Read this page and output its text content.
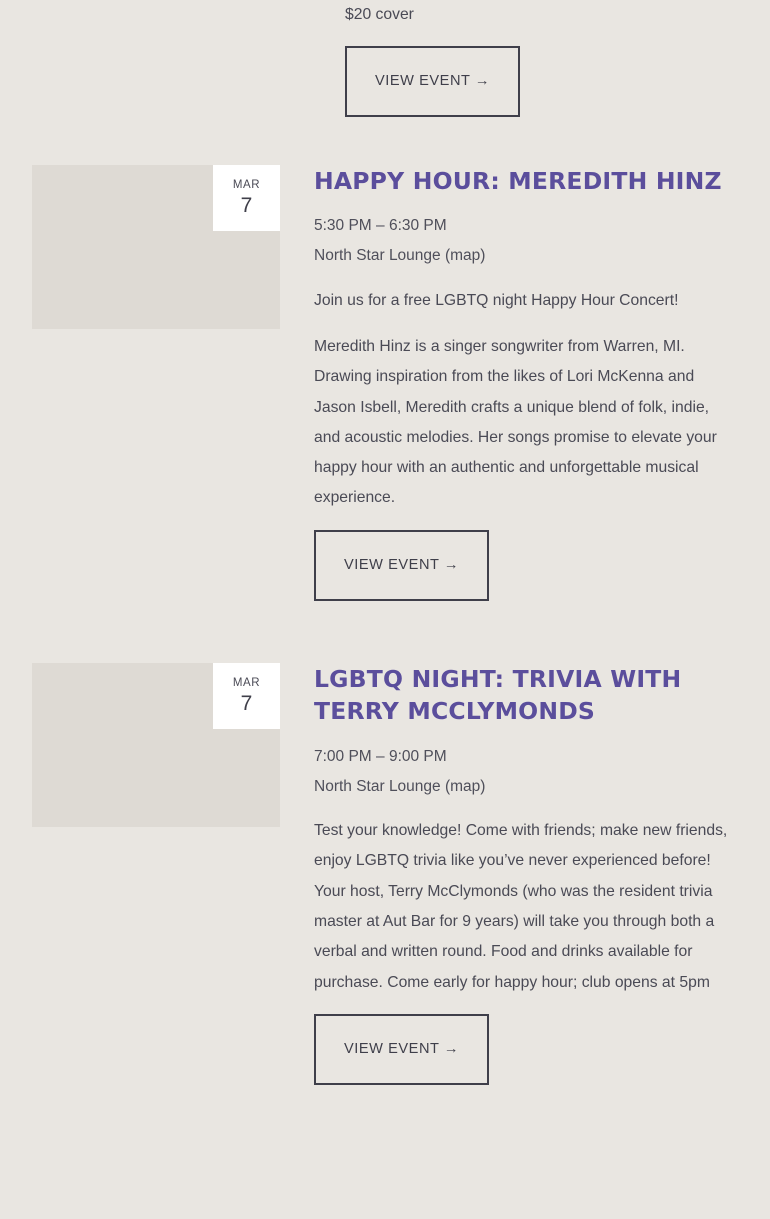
$20 cover
VIEW EVENT →
MAR
7
HAPPY HOUR: MEREDITH HINZ
5:30 PM – 6:30 PM
North Star Lounge (map)

Join us for a free LGBTQ night Happy Hour Concert!

Meredith Hinz is a singer songwriter from Warren, MI. Drawing inspiration from the likes of Lori McKenna and Jason Isbell, Meredith crafts a unique blend of folk, indie, and acoustic melodies. Her songs promise to elevate your happy hour with an authentic and unforgettable musical experience.

VIEW EVENT →
MAR
7
LGBTQ NIGHT: TRIVIA WITH TERRY MCCLYMONDS
7:00 PM – 9:00 PM
North Star Lounge (map)

Test your knowledge! Come with friends; make new friends, enjoy LGBTQ trivia like you’ve never experienced before! Your host, Terry McClymonds (who was the resident trivia master at Aut Bar for 9 years) will take you through both a verbal and written round. Food and drinks available for purchase. Come early for happy hour; club opens at 5pm

VIEW EVENT →
